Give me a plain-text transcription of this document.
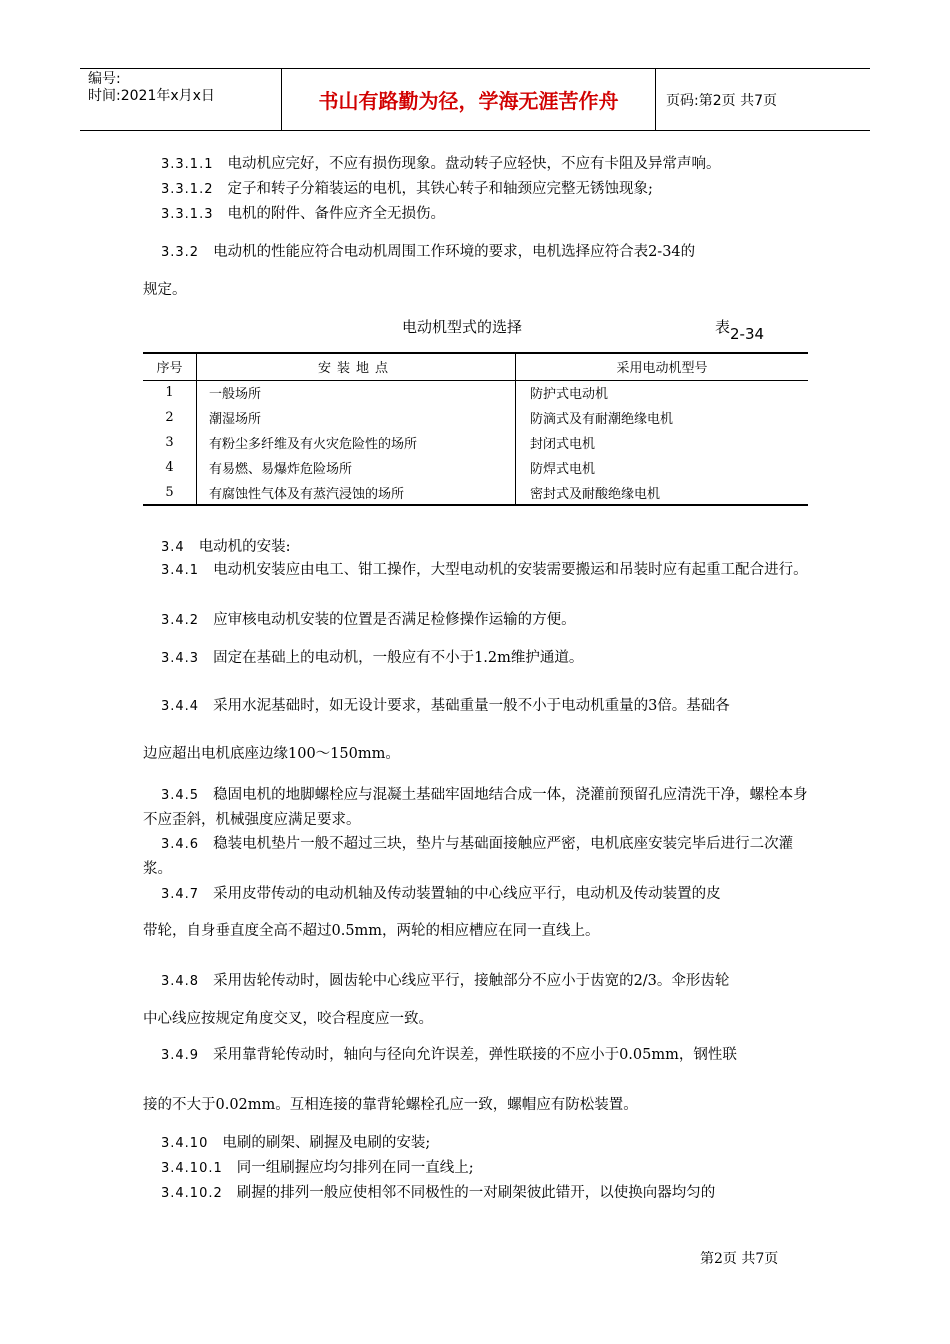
编号:
时间:2021年x月x日	书山有路勤为径，学海无涯苦作舟	页码:第2页 共7页
3.3.1.1 电动机应完好，不应有损伤现象。盘动转子应轻快，不应有卡阻及异常声响。
3.3.1.2 定子和转子分箱装运的电机，其铁心转子和轴颈应完整无锈蚀现象;
3.3.1.3 电机的附件、备件应齐全无损伤。
3.3.2 电动机的性能应符合电动机周围工作环境的要求，电机选择应符合表2-34的
规定。
电动机型式的选择	表2-34
序号	安装地点	采用电动机型号
1	一般场所	防护式电动机
2	潮湿场所	防滴式及有耐潮绝缘电机
3	有粉尘多纤维及有火灾危险性的场所	封闭式电机
4	有易燃、易爆炸危险场所	防焊式电机
5	有腐蚀性气体及有蒸汽浸蚀的场所	密封式及耐酸绝缘电机
3.4 电动机的安装:
3.4.1 电动机安装应由电工、钳工操作，大型电动机的安装需要搬运和吊装时应有起重工配合进行。
3.4.2 应审核电动机安装的位置是否满足检修操作运输的方便。
3.4.3 固定在基础上的电动机，一般应有不小于1.2m维护通道。
3.4.4 采用水泥基础时，如无设计要求，基础重量一般不小于电动机重量的3倍。基础各
边应超出电机底座边缘100～150mm。
3.4.5 稳固电机的地脚螺栓应与混凝土基础牢固地结合成一体，浇灌前预留孔应清洗干净，螺栓本身不应歪斜，机械强度应满足要求。
3.4.6 稳装电机垫片一般不超过三块，垫片与基础面接触应严密，电机底座安装完毕后进行二次灌浆。
3.4.7 采用皮带传动的电动机轴及传动装置轴的中心线应平行，电动机及传动装置的皮
带轮，自身垂直度全高不超过0.5mm，两轮的相应槽应在同一直线上。
3.4.8 采用齿轮传动时，圆齿轮中心线应平行，接触部分不应小于齿宽的2/3。伞形齿轮
中心线应按规定角度交叉，咬合程度应一致。
3.4.9 采用靠背轮传动时，轴向与径向允许误差，弹性联接的不应小于0.05mm，钢性联
接的不大于0.02mm。互相连接的靠背轮螺栓孔应一致，螺帽应有防松装置。
3.4.10 电刷的刷架、刷握及电刷的安装;
3.4.10.1 同一组刷握应均匀排列在同一直线上;
3.4.10.2 刷握的排列一般应使相邻不同极性的一对刷架彼此错开，以使换向器均匀的
第2页 共7页
